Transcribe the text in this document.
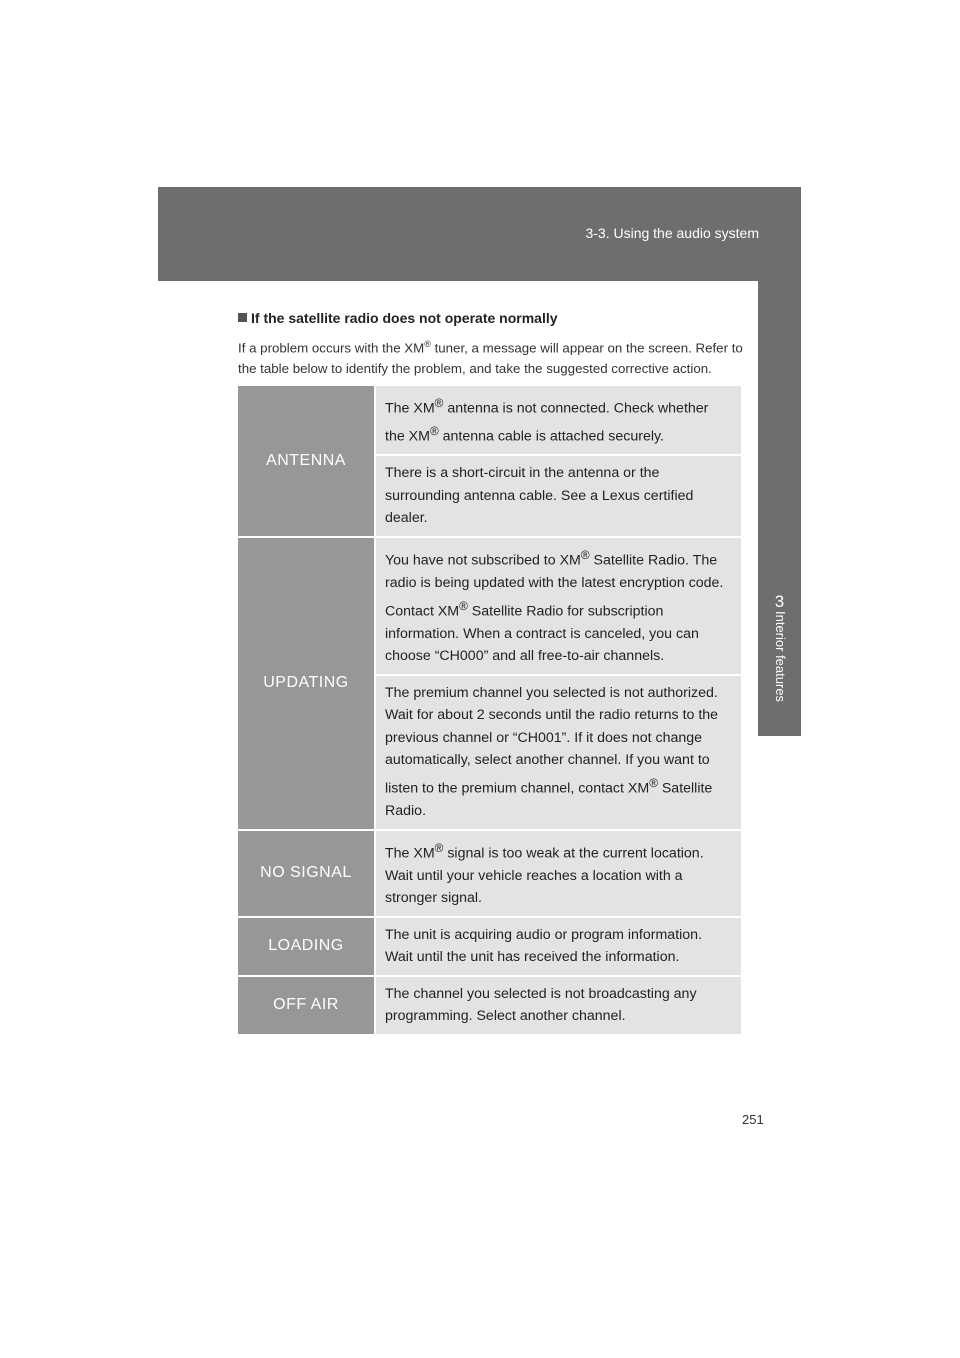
3-3. Using the audio system
3
Interior features
If the satellite radio does not operate normally
If a problem occurs with the XM® tuner, a message will appear on the screen. Refer to the table below to identify the problem, and take the suggested corrective action.
ANTENNA	The XM® antenna is not connected. Check whether the XM® antenna cable is attached securely.
	There is a short-circuit in the antenna or the surrounding antenna cable. See a Lexus certified dealer.
UPDATING	You have not subscribed to XM® Satellite Radio. The radio is being updated with the latest encryption code. Contact XM® Satellite Radio for subscription information. When a contract is canceled, you can choose “CH000” and all free-to-air channels.
	The premium channel you selected is not authorized. Wait for about 2 seconds until the radio returns to the previous channel or “CH001”. If it does not change automatically, select another channel. If you want to listen to the premium channel, contact XM® Satellite Radio.
NO SIGNAL	The XM® signal is too weak at the current location. Wait until your vehicle reaches a location with a stronger signal.
LOADING	The unit is acquiring audio or program information. Wait until the unit has received the information.
OFF AIR	The channel you selected is not broadcasting any programming. Select another channel.
251
